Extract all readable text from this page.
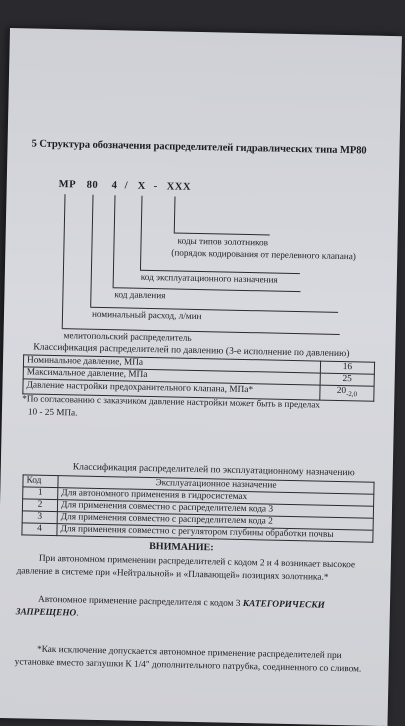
5 Структура обозначения распределителей гидравлических типа МР80
МР 80 4 / Х - ХХХ
коды типов золотников
(порядок кодирования от перелевного клапана)
код эксплуатационного назначения
код давления
номинальный расход, л/мин
мелитопольский распределитель
Классификация распределителей по давлению (3-е исполнение по давлению)
Номинальное давление, МПа	16
Максимальное давление, МПа	25
Давление настройки предохранительного клапана, МПа*	$20_{-2,0}$
*По согласованию с заказчиком давление настройки может быть в пределах
10 - 25 МПа.
Классификация распределителей по эксплуатационному назначению
Код	Эксплуатационное назначение
1	Для автономного применения в гидросистемах
2	Для применения совместно с распределителем кода 3
3	Для применения совместно с распределителем кода 2
4	Для применения совместно с регулятором глубины обработки почвы
ВНИМАНИЕ:
При автономном применении распределителей с кодом 2 и 4 возникает высокое давление в системе при «Нейтральной» и «Плавающей» позициях золотника.*
Автономное применение распределителя с кодом 3 КАТЕГОРИЧЕСКИ ЗАПРЕЩЕНО.
*Как исключение допускается автономное применение распределителей при установке вместо заглушки К 1/4" дополнительного патрубка, соединенного со сливом.
